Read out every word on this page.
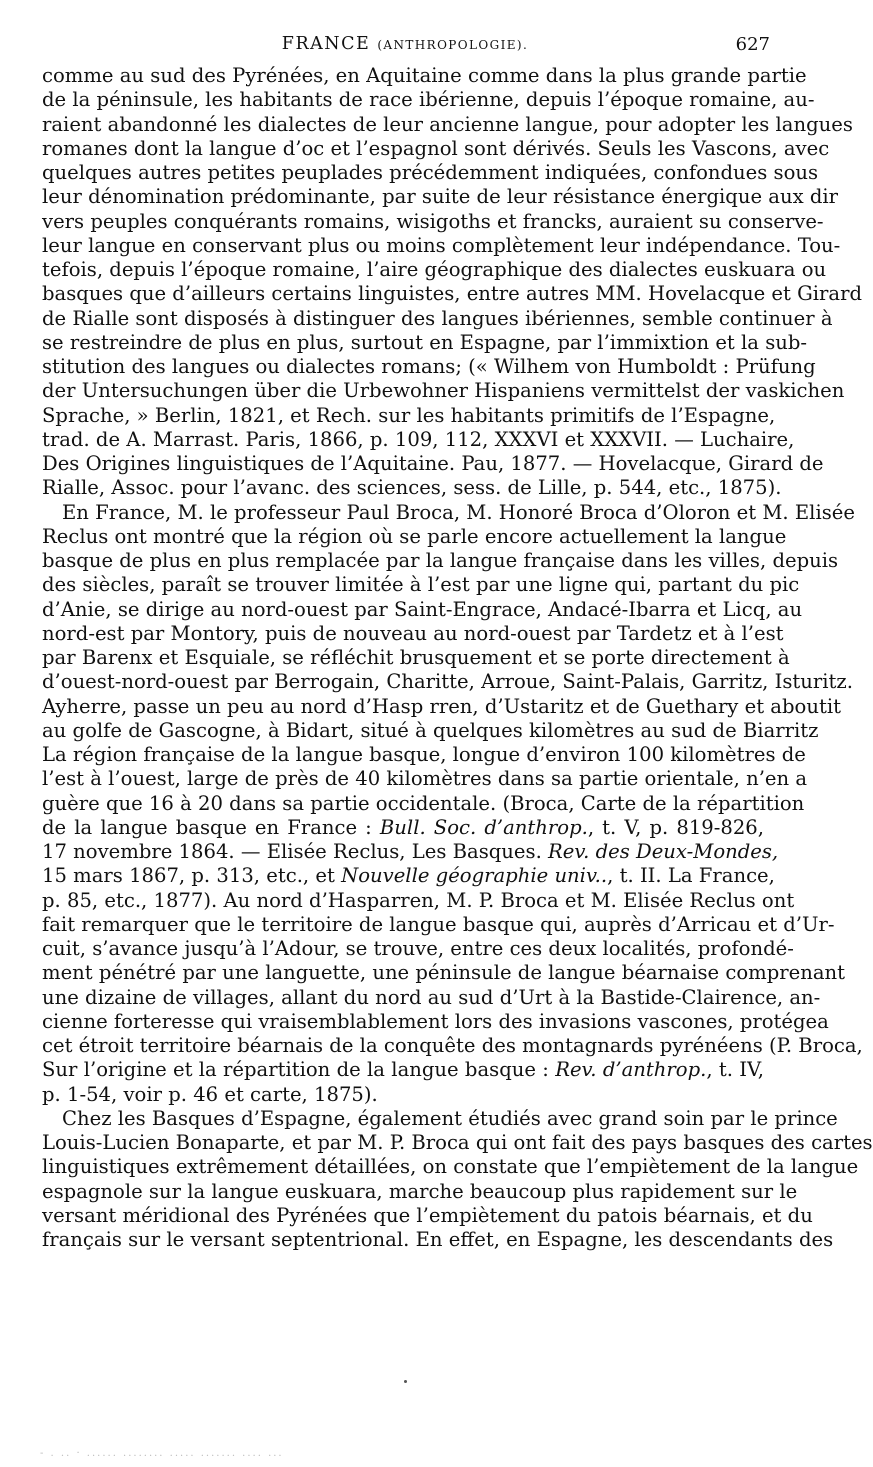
FRANCE (ANTHROPOLOGIE).	627
comme au sud des Pyrénées, en Aquitaine comme dans la plus grande partie
de la péninsule, les habitants de race ibérienne, depuis l’époque romaine, au-
raient abandonné les dialectes de leur ancienne langue, pour adopter les langues
romanes dont la langue d’oc et l’espagnol sont dérivés. Seuls les Vascons, avec
quelques autres petites peuplades précédemment indiquées, confondues sous
leur dénomination prédominante, par suite de leur résistance énergique aux dir
vers peuples conquérants romains, wisigoths et francks, auraient su conserve-
leur langue en conservant plus ou moins complètement leur indépendance. Tou-
tefois, depuis l’époque romaine, l’aire géographique des dialectes euskuara ou
basques que d’ailleurs certains linguistes, entre autres MM. Hovelacque et Girard
de Rialle sont disposés à distinguer des langues ibériennes, semble continuer à
se restreindre de plus en plus, surtout en Espagne, par l’immixtion et la sub-
stitution des langues ou dialectes romans; (« Wilhem von Humboldt : Prüfung
der Untersuchungen über die Urbewohner Hispaniens vermittelst der vaskichen
Sprache, » Berlin, 1821, et Rech. sur les habitants primitifs de l’Espagne,
trad. de A. Marrast. Paris, 1866, p. 109, 112, XXXVI et XXXVII. — Luchaire,
Des Origines linguistiques de l’Aquitaine. Pau, 1877. — Hovelacque, Girard de
Rialle, Assoc. pour l’avanc. des sciences, sess. de Lille, p. 544, etc., 1875).
En France, M. le professeur Paul Broca, M. Honoré Broca d’Oloron et M. Elisée
Reclus ont montré que la région où se parle encore actuellement la langue
basque de plus en plus remplacée par la langue française dans les villes, depuis
des siècles, paraît se trouver limitée à l’est par une ligne qui, partant du pic
d’Anie, se dirige au nord-ouest par Saint-Engrace, Andacé-Ibarra et Licq, au
nord-est par Montory, puis de nouveau au nord-ouest par Tardetz et à l’est
par Barenx et Esquiale, se réfléchit brusquement et se porte directement à
d’ouest-nord-ouest par Berrogain, Charitte, Arroue, Saint-Palais, Garritz, Isturitz.
Ayherre, passe un peu au nord d’Hasp rren, d’Ustaritz et de Guethary et aboutit
au golfe de Gascogne, à Bidart, situé à quelques kilomètres au sud de Biarritz
La région française de la langue basque, longue d’environ 100 kilomètres de
l’est à l’ouest, large de près de 40 kilomètres dans sa partie orientale, n’en a
guère que 16 à 20 dans sa partie occidentale. (Broca, Carte de la répartition
de la langue basque en France : Bull. Soc. d’anthrop., t. V, p. 819-826,
17 novembre 1864. — Elisée Reclus, Les Basques. Rev. des Deux-Mondes,
15 mars 1867, p. 313, etc., et Nouvelle géographie univ.., t. II. La France,
p. 85, etc., 1877). Au nord d’Hasparren, M. P. Broca et M. Elisée Reclus ont
fait remarquer que le territoire de langue basque qui, auprès d’Arricau et d’Ur-
cuit, s’avance jusqu’à l’Adour, se trouve, entre ces deux localités, profondé-
ment pénétré par une languette, une péninsule de langue béarnaise comprenant
une dizaine de villages, allant du nord au sud d’Urt à la Bastide-Clairence, an-
cienne forteresse qui vraisemblablement lors des invasions vascones, protégea
cet étroit territoire béarnais de la conquête des montagnards pyrénéens (P. Broca,
Sur l’origine et la répartition de la langue basque : Rev. d’anthrop., t. IV,
p. 1-54, voir p. 46 et carte, 1875).
Chez les Basques d’Espagne, également étudiés avec grand soin par le prince
Louis-Lucien Bonaparte, et par M. P. Broca qui ont fait des pays basques des cartes
linguistiques extrêmement détaillées, on constate que l’empiètement de la langue
espagnole sur la langue euskuara, marche beaucoup plus rapidement sur le
versant méridional des Pyrénées que l’empiètement du patois béarnais, et du
français sur le versant septentrional. En effet, en Espagne, les descendants des
- . .. · ...... ........ ..... ....... .... ...
